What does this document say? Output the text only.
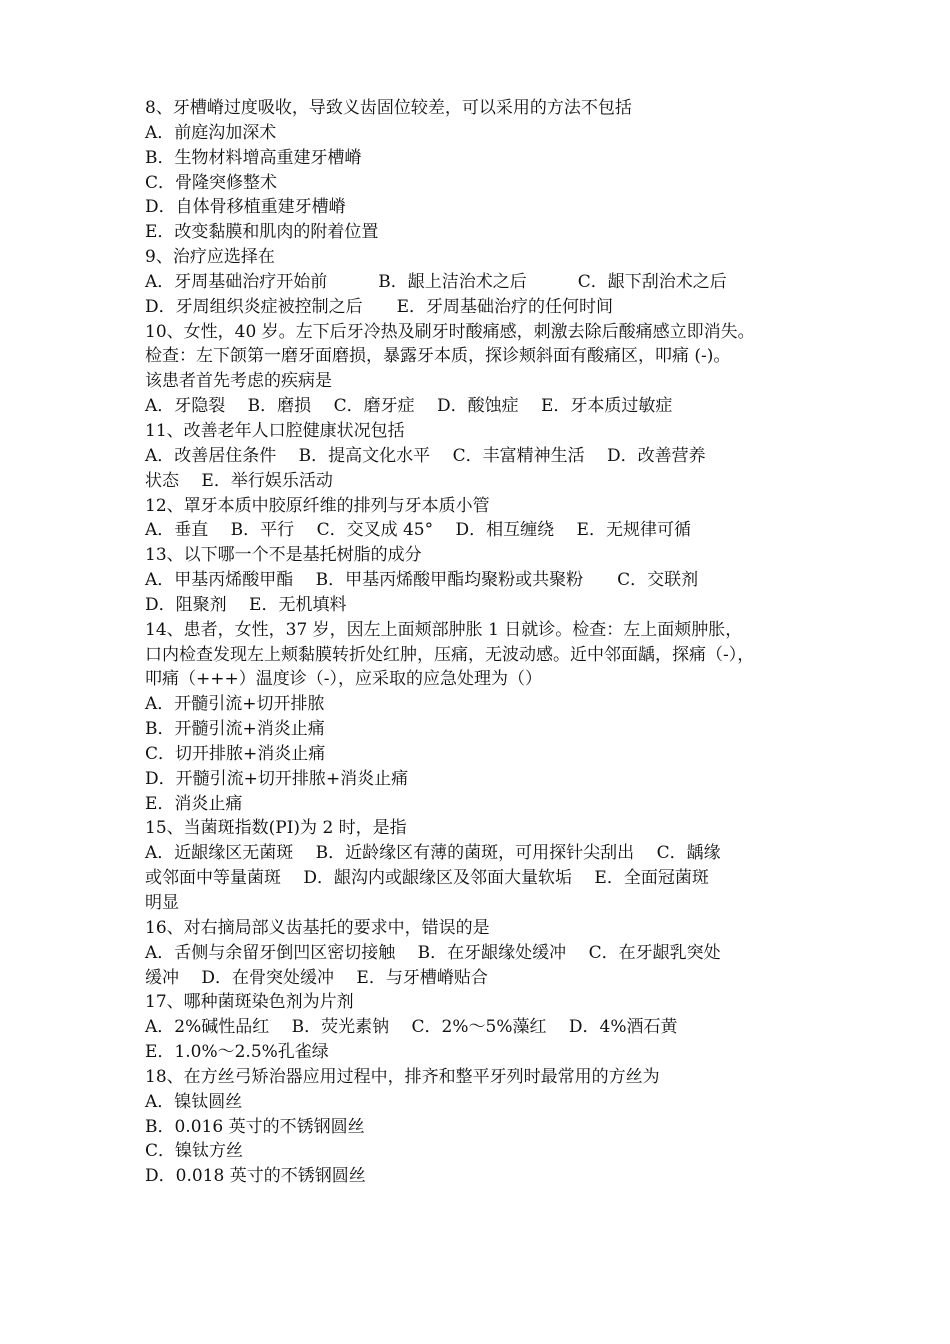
8、牙槽嵴过度吸收，导致义齿固位较差，可以采用的方法不包括
A．前庭沟加深术
B．生物材料增高重建牙槽嵴
C．骨隆突修整术
D．自体骨移植重建牙槽嵴
E．改变黏膜和肌肉的附着位置
9、治疗应选择在
A．牙周基础治疗开始前　　　B．龈上洁治术之后　　　C．龈下刮治术之后
D．牙周组织炎症被控制之后　　E．牙周基础治疗的任何时间
10、女性，40 岁。左下后牙冷热及刷牙时酸痛感，刺激去除后酸痛感立即消失。
检查：左下颌第一磨牙面磨损，暴露牙本质，探诊颊斜面有酸痛区，叩痛 (-)。
该患者首先考虑的疾病是
A．牙隐裂　 B．磨损　 C．磨牙症　 D．酸蚀症　 E．牙本质过敏症
11、改善老年人口腔健康状况包括
A．改善居住条件　 B．提高文化水平　 C．丰富精神生活　 D．改善营养
状态　 E．举行娱乐活动
12、罩牙本质中胶原纤维的排列与牙本质小管
A．垂直　 B．平行　 C．交叉成 45°　 D．相互缠绕　 E．无规律可循
13、以下哪一个不是基托树脂的成分
A．甲基丙烯酸甲酯　 B．甲基丙烯酸甲酯均聚粉或共聚粉　　C．交联剂
D．阻聚剂　 E．无机填料
14、患者，女性，37 岁，因左上面颊部肿胀 1 日就诊。检查：左上面颊肿胀，
口内检查发现左上颊黏膜转折处红肿，压痛，无波动感。近中邻面龋，探痛（-），
叩痛（+++）温度诊（-），应采取的应急处理为（）
A．开髓引流+切开排脓
B．开髓引流+消炎止痛
C．切开排脓+消炎止痛
D．开髓引流+切开排脓+消炎止痛
E．消炎止痛
15、当菌斑指数(PI)为 2 时，是指
A．近龈缘区无菌斑　 B．近龄缘区有薄的菌斑，可用探针尖刮出　 C．龋缘
或邻面中等量菌斑　 D．龈沟内或龈缘区及邻面大量软垢　 E．全面冠菌斑
明显
16、对右摘局部义齿基托的要求中，错误的是
A．舌侧与余留牙倒凹区密切接触　 B．在牙龈缘处缓冲　 C．在牙龈乳突处
缓冲　 D．在骨突处缓冲　 E．与牙槽嵴贴合
17、哪种菌斑染色剂为片剂
A．2%碱性品红　 B．荧光素钠　 C．2%～5%藻红　 D．4%酒石黄
E．1.0%～2.5%孔雀绿
18、在方丝弓矫治器应用过程中，排齐和整平牙列时最常用的方丝为
A．镍钛圆丝
B．0.016 英寸的不锈钢圆丝
C．镍钛方丝
D．0.018 英寸的不锈钢圆丝
